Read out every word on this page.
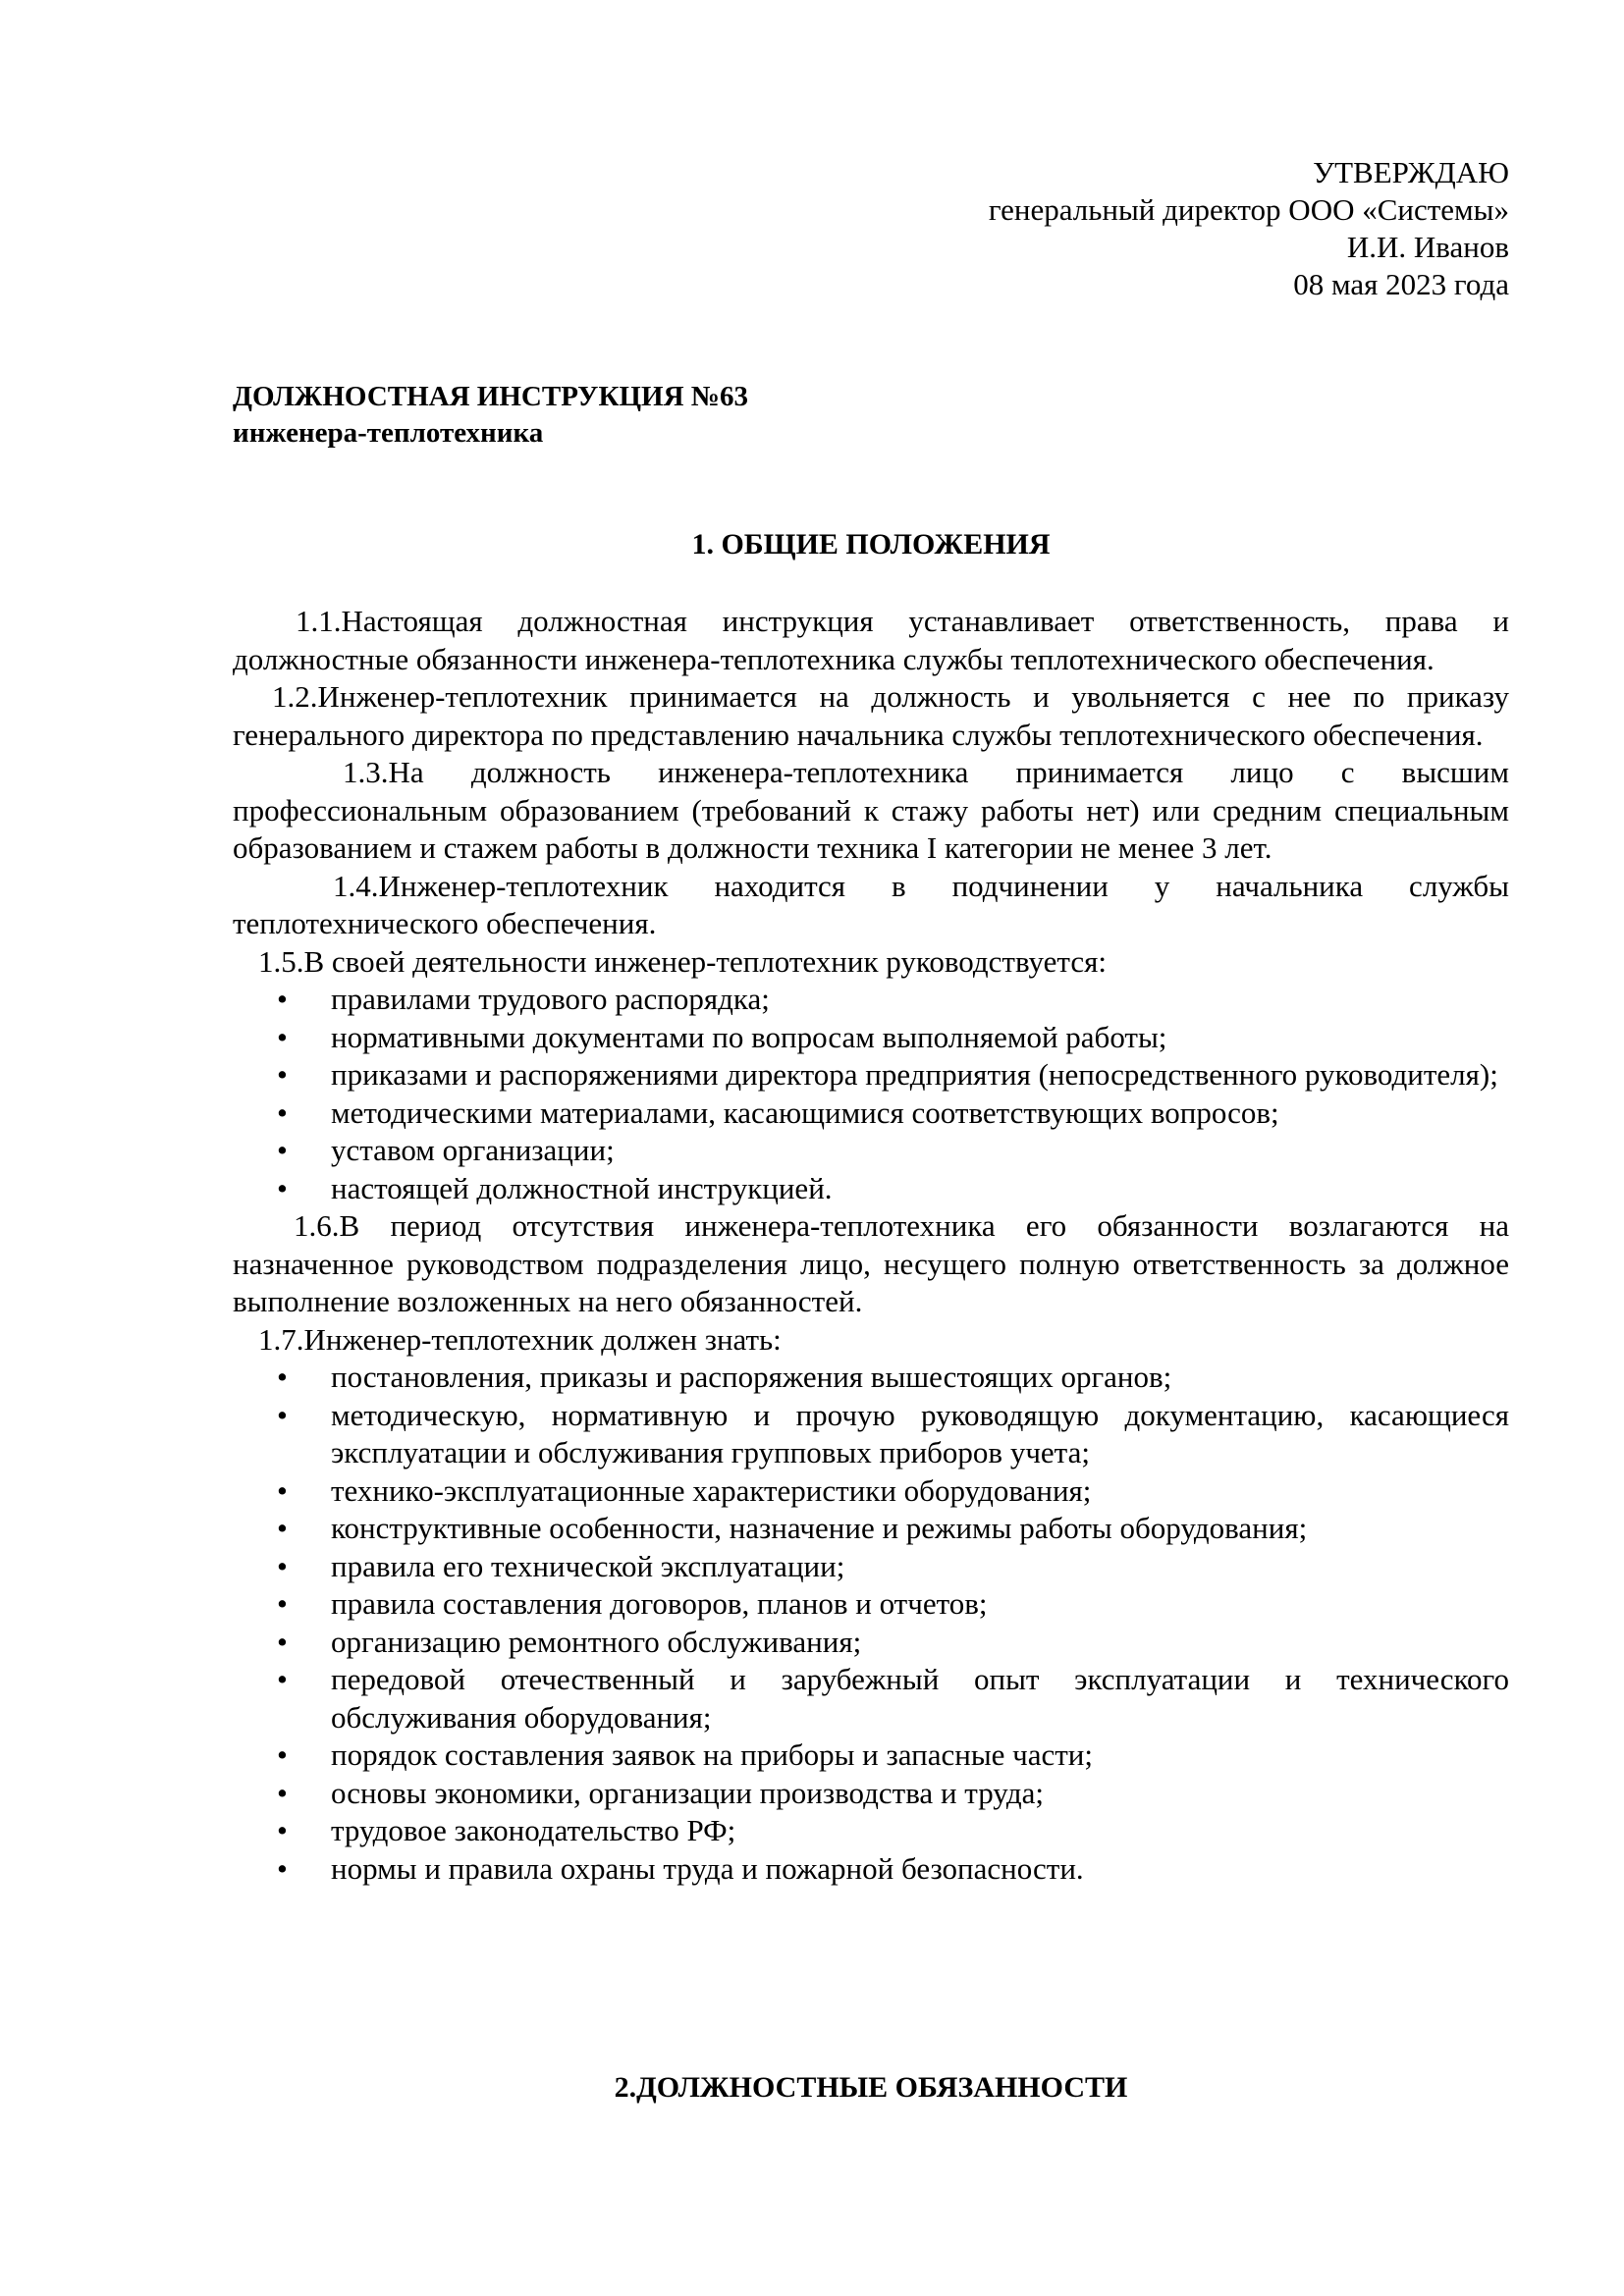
УТВЕРЖДАЮ
генеральный директор ООО «Системы»
И.И. Иванов
08 мая 2023 года
ДОЛЖНОСТНАЯ ИНСТРУКЦИЯ №63
инженера-теплотехника
1. ОБЩИЕ ПОЛОЖЕНИЯ

1.1.Настоящая должностная инструкция устанавливает ответственность, права и должностные обязанности инженера-теплотехника службы теплотехнического обеспечения.

1.2.Инженер-теплотехник принимается на должность и увольняется с нее по приказу генерального директора по представлению начальника службы теплотехнического обеспечения.

1.3.На должность инженера-теплотехника принимается лицо с высшим профессиональным образованием (требований к стажу работы нет) или средним специальным образованием и стажем работы в должности техника I категории не менее 3 лет.

1.4.Инженер-теплотехник находится в подчинении у начальника службы теплотехнического обеспечения.

1.5.В своей деятельности инженер-теплотехник руководствуется:

• правилами трудового распорядка;
• нормативными документами по вопросам выполняемой работы;
• приказами и распоряжениями директора предприятия (непосредственного руководителя);
• методическими материалами, касающимися соответствующих вопросов;
• уставом организации;
• настоящей должностной инструкцией.

1.6.В период отсутствия инженера-теплотехника его обязанности возлагаются на назначенное руководством подразделения лицо, несущего полную ответственность за должное выполнение возложенных на него обязанностей.

1.7.Инженер-теплотехник должен знать:

• постановления, приказы и распоряжения вышестоящих органов;
• методическую, нормативную и прочую руководящую документацию, касающиеся эксплуатации и обслуживания групповых приборов учета;
• технико-эксплуатационные характеристики оборудования;
• конструктивные особенности, назначение и режимы работы оборудования;
• правила его технической эксплуатации;
• правила составления договоров, планов и отчетов;
• организацию ремонтного обслуживания;
• передовой отечественный и зарубежный опыт эксплуатации и технического обслуживания оборудования;
• порядок составления заявок на приборы и запасные части;
• основы экономики, организации производства и труда;
• трудовое законодательство РФ;
• нормы и правила охраны труда и пожарной безопасности.
2.ДОЛЖНОСТНЫЕ ОБЯЗАННОСТИ
